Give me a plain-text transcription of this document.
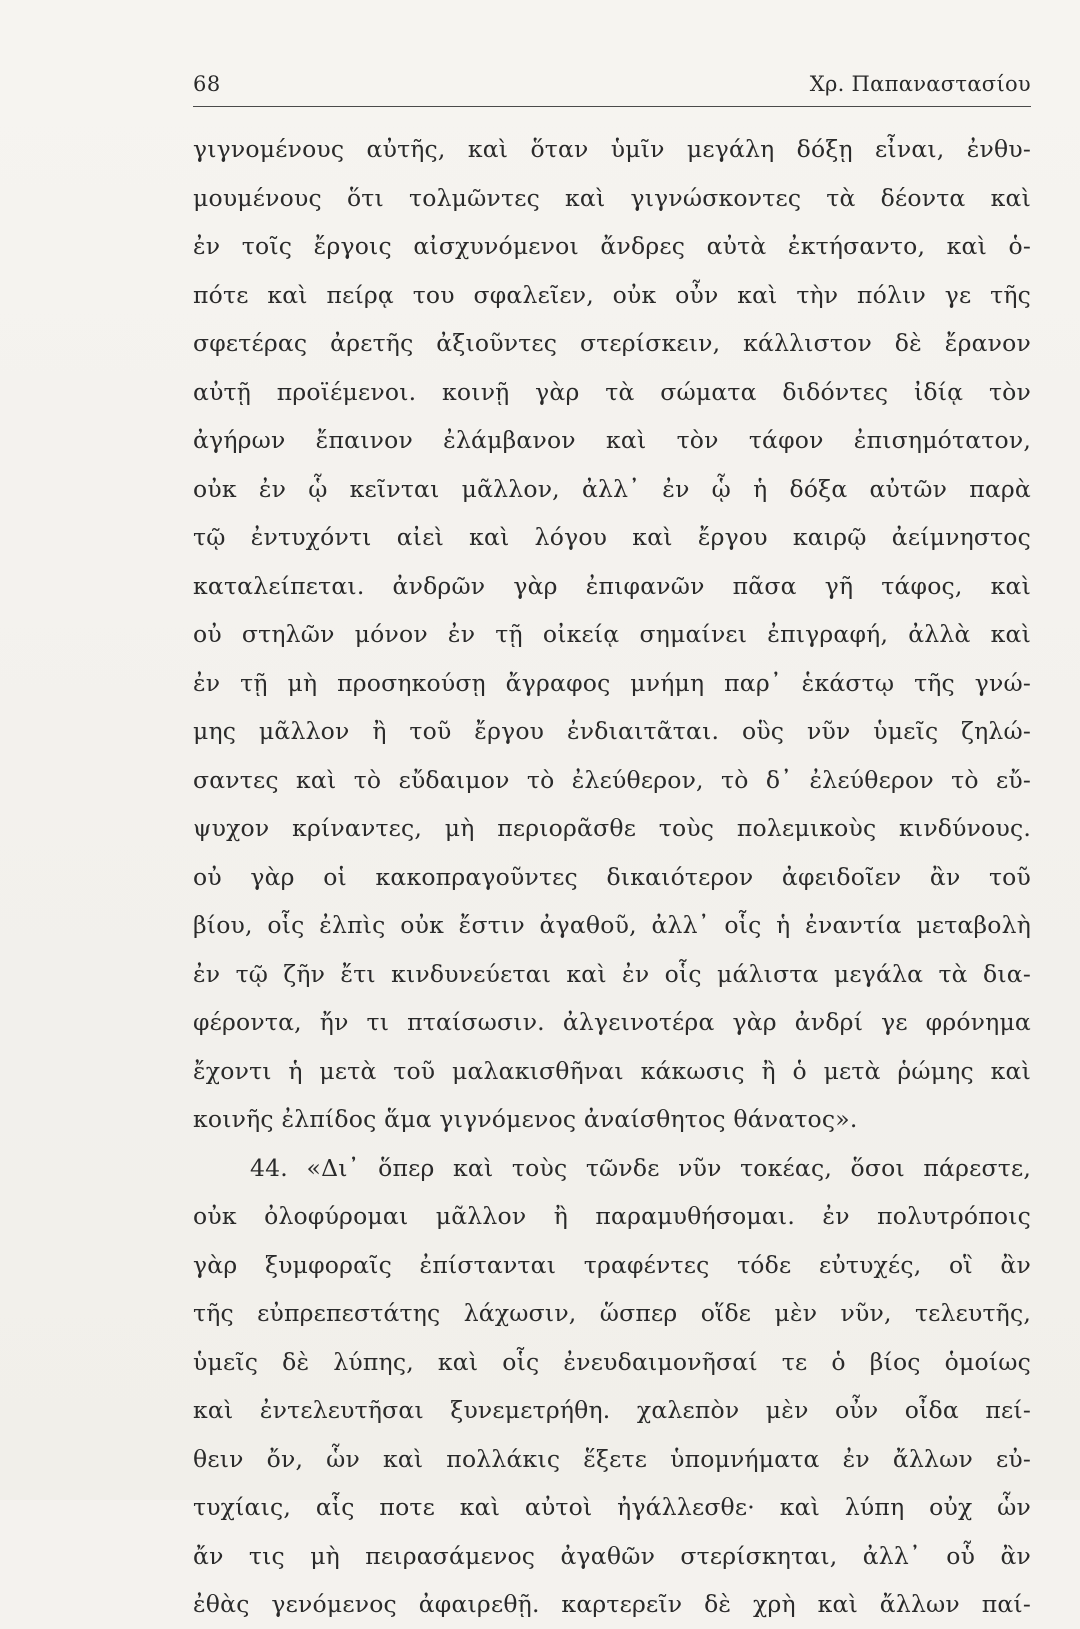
68	Χρ. Παπαναστασίου
γιγνομένους αὐτῆς, καὶ ὅταν ὑμῖν μεγάλη δόξῃ εἶναι, ἐνθυ-
μουμένους ὅτι τολμῶντες καὶ γιγνώσκοντες τὰ δέοντα καὶ
ἐν τοῖς ἔργοις αἰσχυνόμενοι ἄνδρες αὐτὰ ἐκτήσαντο, καὶ ὁ-
πότε καὶ πείρᾳ του σφαλεῖεν, οὐκ οὖν καὶ τὴν πόλιν γε τῆς
σφετέρας ἀρετῆς ἀξιοῦντες στερίσκειν, κάλλιστον δὲ ἔρανον
αὐτῇ προϊέμενοι. κοινῇ γὰρ τὰ σώματα διδόντες ἰδίᾳ τὸν
ἀγήρων ἔπαινον ἐλάμβανον καὶ τὸν τάφον ἐπισημότατον,
οὐκ ἐν ᾧ κεῖνται μᾶλλον, ἀλλ᾽ ἐν ᾧ ἡ δόξα αὐτῶν παρὰ
τῷ ἐντυχόντι αἰεὶ καὶ λόγου καὶ ἔργου καιρῷ ἀείμνηστος
καταλείπεται. ἀνδρῶν γὰρ ἐπιφανῶν πᾶσα γῆ τάφος, καὶ
οὐ στηλῶν μόνον ἐν τῇ οἰκείᾳ σημαίνει ἐπιγραφή, ἀλλὰ καὶ
ἐν τῇ μὴ προσηκούσῃ ἄγραφος μνήμη παρ᾽ ἑκάστῳ τῆς γνώ-
μης μᾶλλον ἢ τοῦ ἔργου ἐνδιαιτᾶται. οὓς νῦν ὑμεῖς ζηλώ-
σαντες καὶ τὸ εὔδαιμον τὸ ἐλεύθερον, τὸ δ᾽ ἐλεύθερον τὸ εὔ-
ψυχον κρίναντες, μὴ περιορᾶσθε τοὺς πολεμικοὺς κινδύνους.
οὐ γὰρ οἱ κακοπραγοῦντες δικαιότερον ἀφειδοῖεν ἂν τοῦ
βίου, οἷς ἐλπὶς οὐκ ἔστιν ἀγαθοῦ, ἀλλ᾽ οἷς ἡ ἐναντία μεταβολὴ
ἐν τῷ ζῆν ἔτι κινδυνεύεται καὶ ἐν οἷς μάλιστα μεγάλα τὰ δια-
φέροντα, ἤν τι πταίσωσιν. ἀλγεινοτέρα γὰρ ἀνδρί γε φρόνημα
ἔχοντι ἡ μετὰ τοῦ μαλακισθῆναι κάκωσις ἢ ὁ μετὰ ῥώμης καὶ
κοινῆς ἐλπίδος ἅμα γιγνόμενος ἀναίσθητος θάνατος».
44. «Δι᾽ ὅπερ καὶ τοὺς τῶνδε νῦν τοκέας, ὅσοι πάρεστε,
οὐκ ὀλοφύρομαι μᾶλλον ἢ παραμυθήσομαι. ἐν πολυτρόποις
γὰρ ξυμφοραῖς ἐπίστανται τραφέντες τόδε εὐτυχές, οἳ ἂν
τῆς εὐπρεπεστάτης λάχωσιν, ὥσπερ οἵδε μὲν νῦν, τελευτῆς,
ὑμεῖς δὲ λύπης, καὶ οἷς ἐνευδαιμονῆσαί τε ὁ βίος ὁμοίως
καὶ ἐντελευτῆσαι ξυνεμετρήθη. χαλεπὸν μὲν οὖν οἶδα πεί-
θειν ὄν, ὧν καὶ πολλάκις ἕξετε ὑπομνήματα ἐν ἄλλων εὐ-
τυχίαις, αἷς ποτε καὶ αὐτοὶ ἠγάλλεσθε· καὶ λύπη οὐχ ὧν
ἄν τις μὴ πειρασάμενος ἀγαθῶν στερίσκηται, ἀλλ᾽ οὗ ἂν
ἐθὰς γενόμενος ἀφαιρεθῇ. καρτερεῖν δὲ χρὴ καὶ ἄλλων παί-
